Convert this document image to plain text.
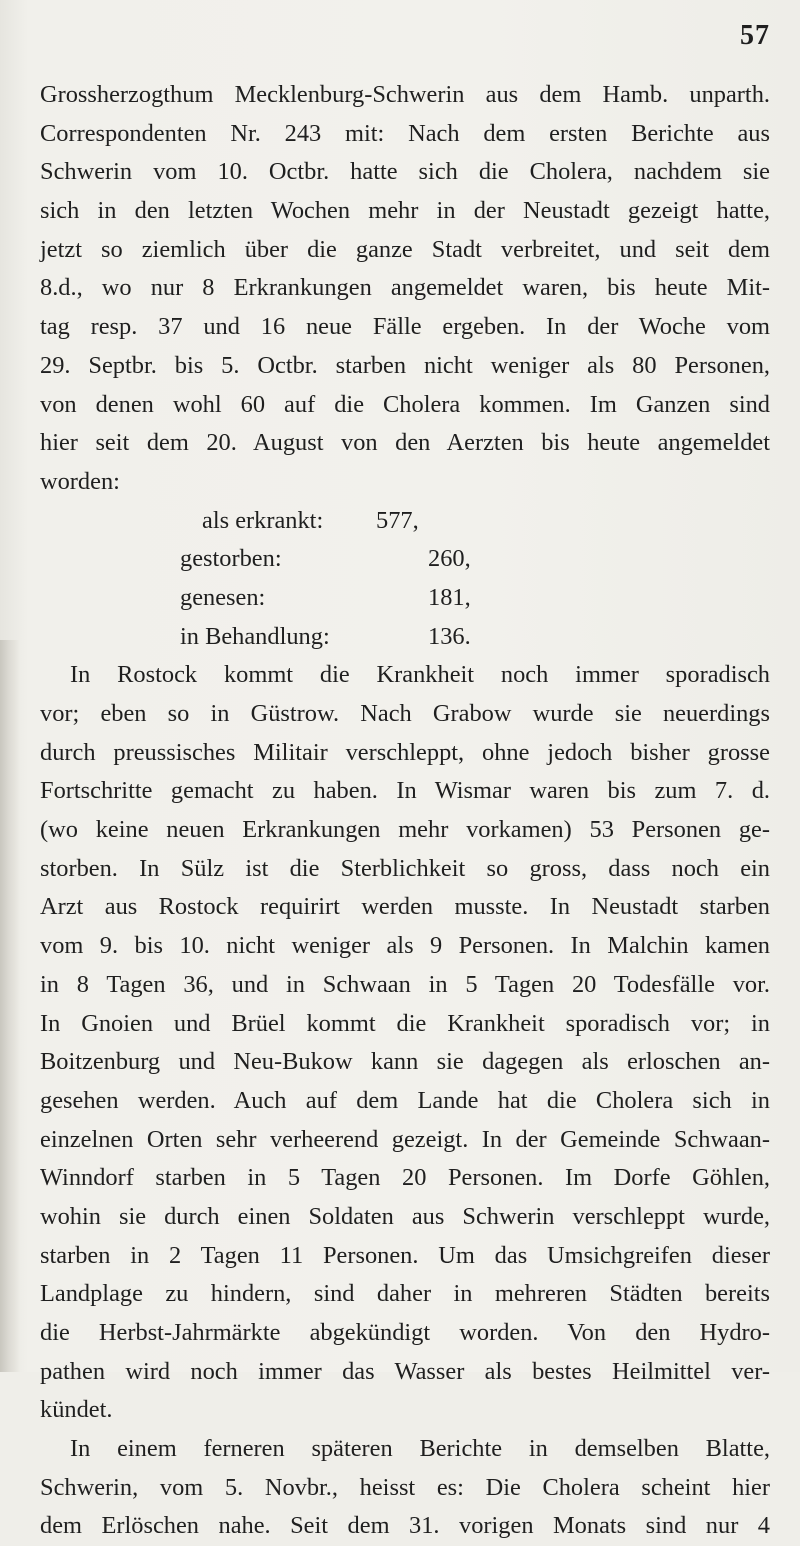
57
Grossherzogthum Mecklenburg-Schwerin aus dem Hamb. unparth.
Correspondenten Nr. 243 mit: Nach dem ersten Berichte aus
Schwerin vom 10. Octbr. hatte sich die Cholera, nachdem sie
sich in den letzten Wochen mehr in der Neustadt gezeigt hatte,
jetzt so ziemlich über die ganze Stadt verbreitet, und seit dem
8.d., wo nur 8 Erkrankungen angemeldet waren, bis heute Mit-
tag resp. 37 und 16 neue Fälle ergeben. In der Woche vom
29. Septbr. bis 5. Octbr. starben nicht weniger als 80 Personen,
von denen wohl 60 auf die Cholera kommen. Im Ganzen sind
hier seit dem 20. August von den Aerzten bis heute angemeldet
worden:
als erkrankt: 577,
gestorben:	260,
genesen:	181,
in Behandlung:	136.
In Rostock kommt die Krankheit noch immer sporadisch
vor; eben so in Güstrow. Nach Grabow wurde sie neuerdings
durch preussisches Militair verschleppt, ohne jedoch bisher grosse
Fortschritte gemacht zu haben. In Wismar waren bis zum 7. d.
(wo keine neuen Erkrankungen mehr vorkamen) 53 Personen ge-
storben. In Sülz ist die Sterblichkeit so gross, dass noch ein
Arzt aus Rostock requirirt werden musste. In Neustadt starben
vom 9. bis 10. nicht weniger als 9 Personen. In Malchin kamen
in 8 Tagen 36, und in Schwaan in 5 Tagen 20 Todesfälle vor.
In Gnoien und Brüel kommt die Krankheit sporadisch vor; in
Boitzenburg und Neu-Bukow kann sie dagegen als erloschen an-
gesehen werden. Auch auf dem Lande hat die Cholera sich in
einzelnen Orten sehr verheerend gezeigt. In der Gemeinde Schwaan-
Winndorf starben in 5 Tagen 20 Personen. Im Dorfe Göhlen,
wohin sie durch einen Soldaten aus Schwerin verschleppt wurde,
starben in 2 Tagen 11 Personen. Um das Umsichgreifen dieser
Landplage zu hindern, sind daher in mehreren Städten bereits
die Herbst-Jahrmärkte abgekündigt worden. Von den Hydro-
pathen wird noch immer das Wasser als bestes Heilmittel ver-
kündet.
In einem ferneren späteren Berichte in demselben Blatte,
Schwerin, vom 5. Novbr., heisst es: Die Cholera scheint hier
dem Erlöschen nahe. Seit dem 31. vorigen Monats sind nur 4
